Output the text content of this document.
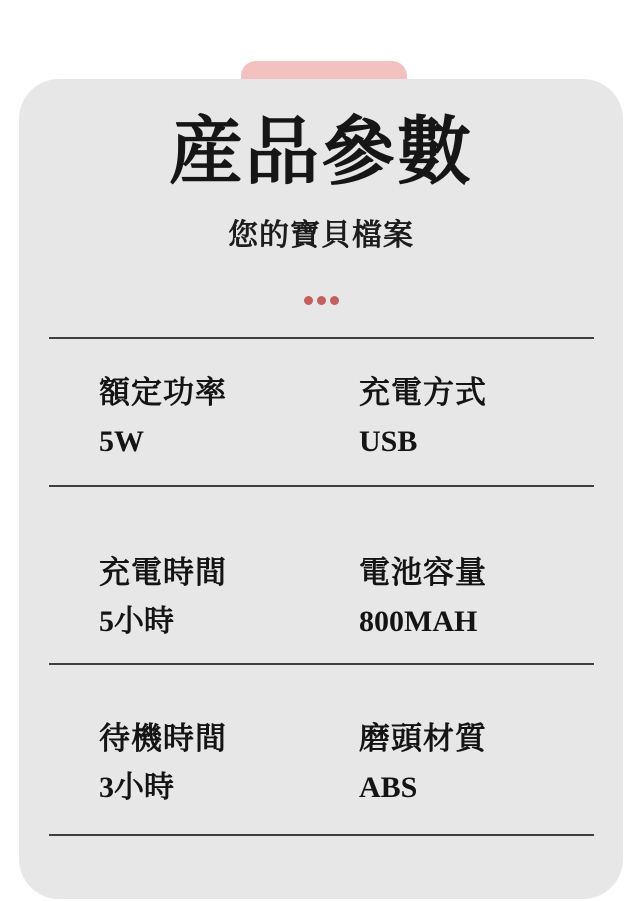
産品參數
您的寶貝檔案
額定功率
5W
充電方式
USB
充電時間
5小時
電池容量
800MAH
待機時間
3小時
磨頭材質
ABS
